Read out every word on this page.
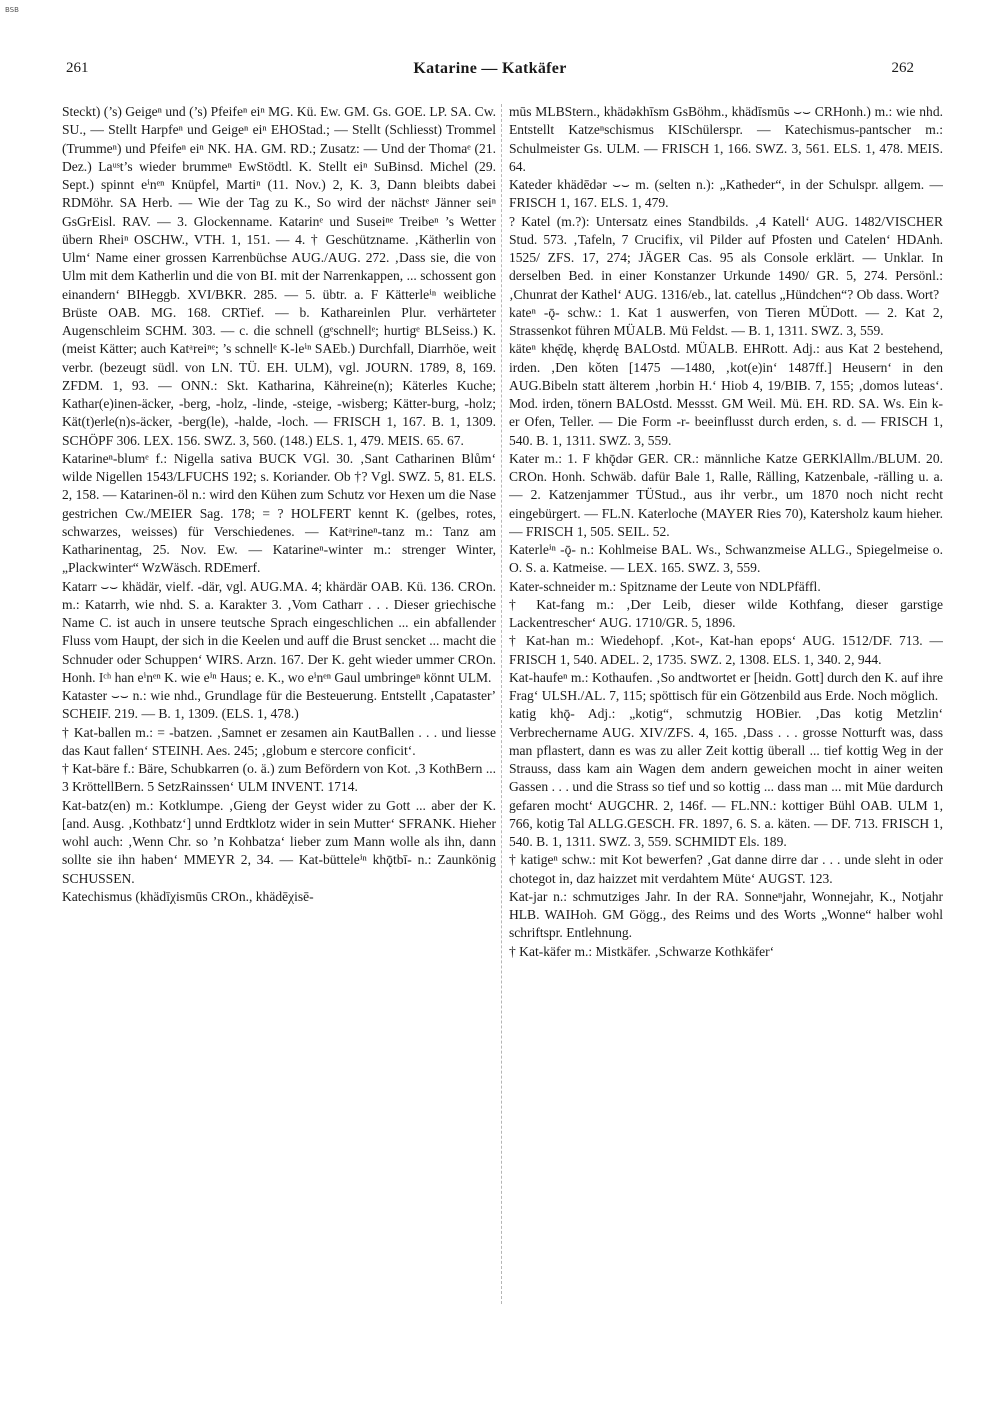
BSB
261	Katarine — Katkäfer	262

Steckt) (’s) Geigeⁿ und (’s) Pfeifeⁿ eiⁿ MG. Kü. Ew. GM. Gs. GOE. LP. SA. Cw. SU., — Stellt Harpfeⁿ und Geigeⁿ eiⁿ EHOStad.; — Stellt (Schliesst) Trommel (Trummeⁿ) und Pfeifeⁿ eiⁿ NK. HA. GM. RD.; Zusatz: — Und der Thomaᵉ (21. Dez.) Laᵘˢt’s wieder brummeⁿ EwStödtl. K. Stellt eiⁿ SuBinsd. Michel (29. Sept.) spinnt eⁱnᵉⁿ Knüpfel, Martiⁿ (11. Nov.) 2, K. 3, Dann bleibts dabei RDMöhr. SA Herb. — Wie der Tag zu K., So wird der nächstᵉ Jänner seiⁿ GsGrEisl. RAV. — 3. Glockenname. Katarinᵉ und Suseiⁿᵉ Treibeⁿ ’s Wetter übern Rheiⁿ OSCHW., VTH. 1, 151. — 4. † Geschützname. ‚Kätherlin von Ulm‘ Name einer grossen Karrenbüchse AUG./AUG. 272. ‚Dass sie, die von Ulm mit dem Katherlin und die von BI. mit der Narrenkappen, ... schossent gon einandern‘ BIHeggb. XVI/BKR. 285. — 5. übtr. a. F Kätterleⁱⁿ weibliche Brüste OAB. MG. 168. CRTief. — b. Kathareinlen Plur. verhärteter Augenschleim SCHM. 303. — c. die schnell (gᵉschnellᵉ; hurtigᵉ BLSeiss.) K. (meist Kätter; auch Katᵃreiⁿᵉ; ’s schnellᵉ K-leⁱⁿ SAEb.) Durchfall, Diarrhöe, weit verbr. (bezeugt südl. von LN. TÜ. EH. ULM), vgl. JOURN. 1789, 8, 169. ZFDM. 1, 93. — ONN.: Skt. Katharina, Kähreine(n); Käterles Kuche; Kathar(e)inen-äcker, -berg, -holz, -linde, -steige, -wisberg; Kätter-burg, -holz; Kät(t)erle(n)s-äcker, -berg(le), -halde, -loch. — FRISCH 1, 167. B. 1, 1309. SCHÖPF 306. LEX. 156. SWZ. 3, 560. (148.) ELS. 1, 479. MEIS. 65. 67.

Katarineⁿ-blumᵉ f.: Nigella sativa BUCK VGl. 30. ‚Sant Catharinen Blům‘ wilde Nigellen 1543/LFUCHS 192; s. Koriander. Ob †? Vgl. SWZ. 5, 81. ELS. 2, 158. — Katarinen-öl n.: wird den Kühen zum Schutz vor Hexen um die Nase gestrichen Cw./MEIER Sag. 178; = ? HOLFERT kennt K. (gelbes, rotes, schwarzes, weisses) für Verschiedenes. — Katᵃrineⁿ-tanz m.: Tanz am Katharinentag, 25. Nov. Ew. — Katarineⁿ-winter m.: strenger Winter, „Plackwinter“ WzWäsch. RDEmerf.

Katarr ⌣⌣ khädär, vielf. -där, vgl. AUG.MA. 4; khärdär OAB. Kü. 136. CROn. m.: Katarrh, wie nhd. S. a. Karakter 3. ‚Vom Catharr . . . Dieser griechische Name C. ist auch in unsere teutsche Sprach eingeschlichen ... ein abfallender Fluss vom Haupt, der sich in die Keelen und auff die Brust sencket ... macht die Schnuder oder Schuppen‘ WIRS. Arzn. 167. Der K. geht wieder ummer CROn. Honh. Iᶜʰ han eⁱnᵉⁿ K. wie eⁱⁿ Haus; e. K., wo eⁱnᵉⁿ Gaul umbringeⁿ könnt ULM.

Kataster ⌣⌣ n.: wie nhd., Grundlage für die Besteuerung. Entstellt ‚Capatasterʼ SCHEIF. 219. — B. 1, 1309. (ELS. 1, 478.)

† Kat-ballen m.: = -batzen. ‚Samnet er zesamen ain KautBallen . . . und liesse das Kaut fallen‘ STEINH. Aes. 245; ‚globum e stercore conficit‘.

† Kat-bäre f.: Bäre, Schubkarren (o. ä.) zum Befördern von Kot. ‚3 KothBern ... 3 KröttellBern. 5 SetzRainssen‘ ULM INVENT. 1714.

Kat-batz(en) m.: Kotklumpe. ‚Gieng der Geyst wider zu Gott ... aber der K. [and. Ausg. ‚Kothbatz‘] unnd Erdtklotz wider in sein Mutter‘ SFRANK. Hieher wohl auch: ‚Wenn Chr. so ’n Kohbatza‘ lieber zum Mann wolle als ihn, dann sollte sie ihn haben‘ MMEYR 2, 34. — Kat-bütteleⁱⁿ khǭtbī- n.: Zaunkönig SCHUSSEN.

Katechismus (khädīχismūs CROn., khädēχisē-

mūs MLBStern., khädəkhīsm GsBöhm., khädīsmūs ⌣⌣ CRHonh.) m.: wie nhd. Entstellt Katzeⁿschismus KISchülerspr. — Katechismus-pantscher m.: Schulmeister Gs. ULM. — FRISCH 1, 166. SWZ. 3, 561. ELS. 1, 478. MEIS. 64.

Kateder khädēdər ⌣⌣ m. (selten n.): „Katheder“, in der Schulspr. allgem. — FRISCH 1, 167. ELS. 1, 479.

? Katel (m.?): Untersatz eines Standbilds. ‚4 Katell‘ AUG. 1482/VISCHER Stud. 573. ‚Tafeln, 7 Crucifix, vil Pilder auf Pfosten und Catelen‘ HDAnh. 1525/ ZFS. 17, 274; JÄGER Cas. 95 als Console erklärt. — Unklar. In derselben Bed. in einer Konstanzer Urkunde 1490/ GR. 5, 274. Persönl.: ‚Chunrat der Kathel‘ AUG. 1316/eb., lat. catellus „Hündchen“? Ob dass. Wort?

kateⁿ -ǭ- schw.: 1. Kat 1 auswerfen, von Tieren MÜDott. — 2. Kat 2, Strassenkot führen MÜALB. Mü Feldst. — B. 1, 1311. SWZ. 3, 559.

kätеⁿ khę̄dę, khęrdę BALOstd. MÜALB. EHRott. Adj.: aus Kat 2 bestehend, irden. ‚Den kǒten [1475 —1480, ‚kot(e)in‘ 1487ff.] Heusern‘ in den AUG.Bibeln statt älterem ‚horbin H.‘ Hiob 4, 19/BIB. 7, 155; ‚domos luteas‘. Mod. irden, tönern BALOstd. Messst. GM Weil. Mü. EH. RD. SA. Ws. Ein k-er Ofen, Teller. — Die Form -r- beeinflusst durch erden, s. d. — FRISCH 1, 540. B. 1, 1311. SWZ. 3, 559.

Kater m.: 1. F khǭdər GER. CR.: männliche Katze GERKlAllm./BLUM. 20. CROn. Honh. Schwäb. dafür Bale 1, Ralle, Rälling, Katzenbale, -rälling u. a. — 2. Katzenjammer TÜStud., aus ihr verbr., um 1870 noch nicht recht eingebürgert. — FL.N. Katerloche (MAYER Ries 70), Katersholz kaum hieher. — FRISCH 1, 505. SEIL. 52.

Katerleⁱⁿ -ǭ- n.: Kohlmeise BAL. Ws., Schwanzmeise ALLG., Spiegelmeise o. O. S. a. Katmeise. — LEX. 165. SWZ. 3, 559.

Kater-schneider m.: Spitzname der Leute von NDLPfäffl.

† Kat-fang m.: ‚Der Leib, dieser wilde Kothfang, dieser garstige Lackentrescher‘ AUG. 1710/GR. 5, 1896.

† Kat-han m.: Wiedehopf. ‚Kot-, Kat-han epops‘ AUG. 1512/DF. 713. — FRISCH 1, 540. ADEL. 2, 1735. SWZ. 2, 1308. ELS. 1, 340. 2, 944.

Kat-haufeⁿ m.: Kothaufen. ‚So andtwortet er [heidn. Gott] durch den K. auf ihre Frag‘ ULSH./AL. 7, 115; spöttisch für ein Götzenbild aus Erde. Noch möglich.

katig khǭ- Adj.: „kotig“, schmutzig HOBier. ‚Das kotig Metzlin‘ Verbrechername AUG. XIV/ZFS. 4, 165. ‚Dass . . . grosse Notturft was, dass man pflastert, dann es was zu aller Zeit kottig überall ... tief kottig Weg in der Strauss, dass kam ain Wagen dem andern geweichen mocht in ainer weiten Gassen . . . und die Strass so tief und so kottig ... dass man ... mit Müe dardurch gefaren mocht‘ AUGCHR. 2, 146f. — FL.NN.: kottiger Bühl OAB. ULM 1, 766, kotig Tal ALLG.GESCH. FR. 1897, 6. S. a. käten. — DF. 713. FRISCH 1, 540. B. 1, 1311. SWZ. 3, 559. SCHMIDT Els. 189.

† katigeⁿ schw.: mit Kot bewerfen? ‚Gat danne dirre dar . . . unde sleht in oder chotegot in, daz haizzet mit verdahtem Müte‘ AUGST. 123.

Kat-jar n.: schmutziges Jahr. In der RA. Sonneⁿjahr, Wonnejahr, K., Notjahr HLB. WAIHoh. GM Gögg., des Reims und des Worts „Wonne“ halber wohl schriftspr. Entlehnung.

† Kat-käfer m.: Mistkäfer. ‚Schwarze Kothkäfer‘
